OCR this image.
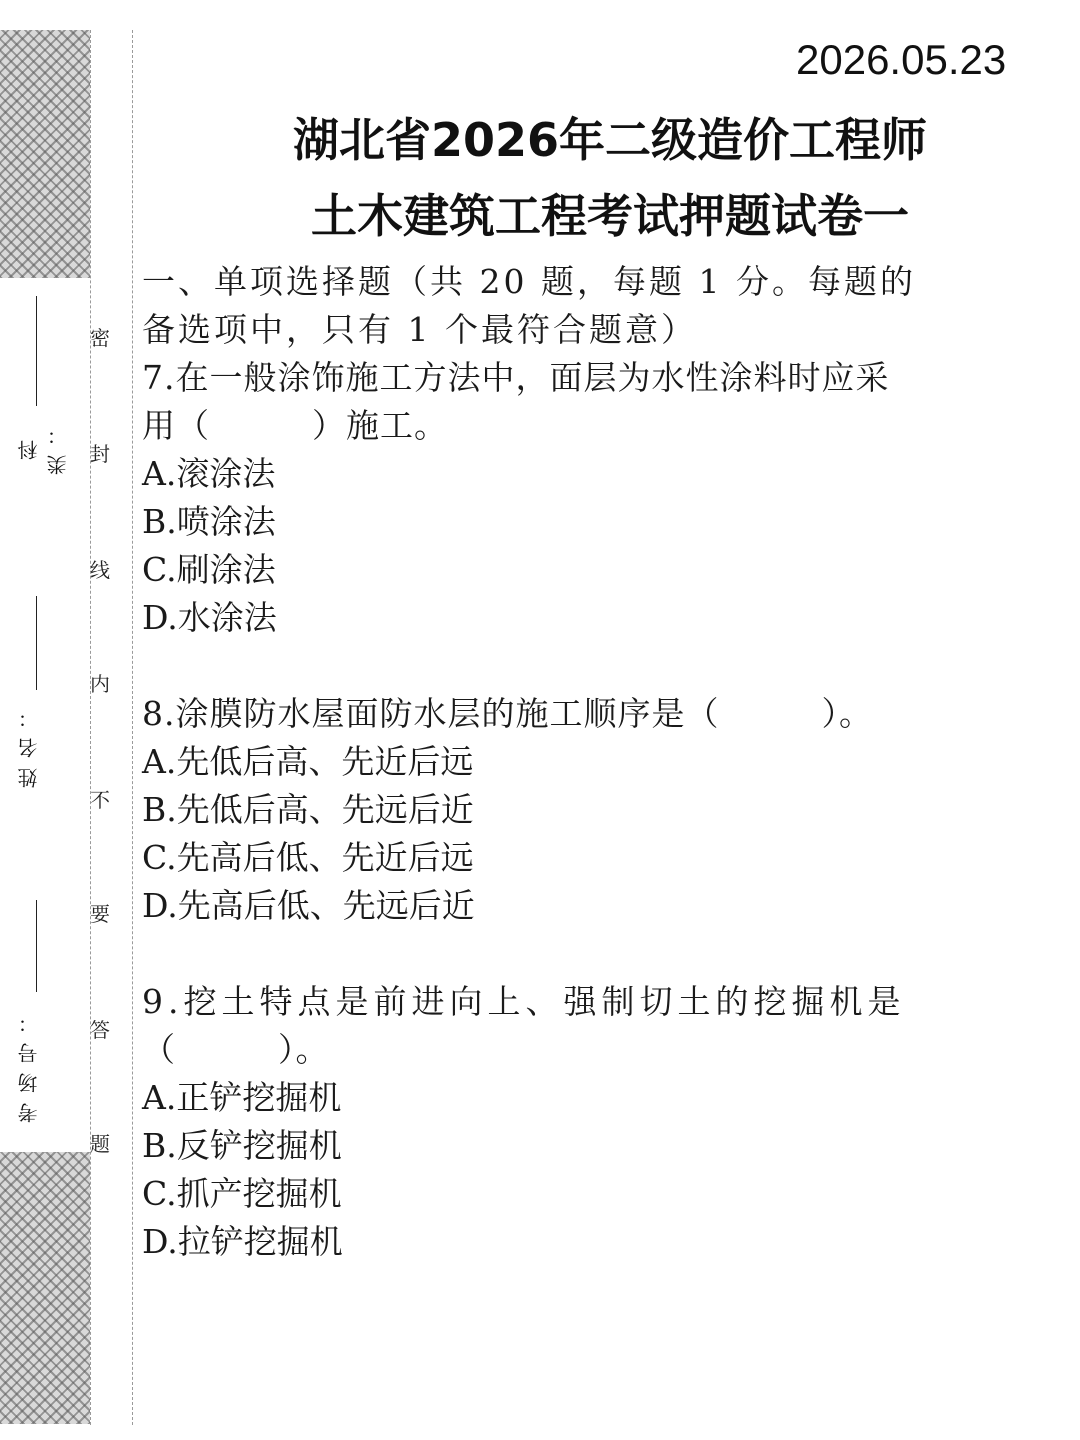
科类：
姓名：
考场号：
密
封
线
内
不
要
答
题
2026.05.23
湖北省2026年二级造价工程师
土木建筑工程考试押题试卷一

一、单项选择题（共 20 题，每题 1 分。每题的

备选项中，只有 1 个最符合题意）

7.在一般涂饰施工方法中，面层为水性涂料时应采

用（　　　）施工。

A.滚涂法

B.喷涂法

C.刷涂法

D.水涂法

8.涂膜防水屋面防水层的施工顺序是（　　　）。

A.先低后高、先近后远

B.先低后高、先远后近

C.先高后低、先近后远

D.先高后低、先远后近

9.挖土特点是前进向上、强制切土的挖掘机是

（　　　）。

A.正铲挖掘机

B.反铲挖掘机

C.抓产挖掘机

D.拉铲挖掘机
